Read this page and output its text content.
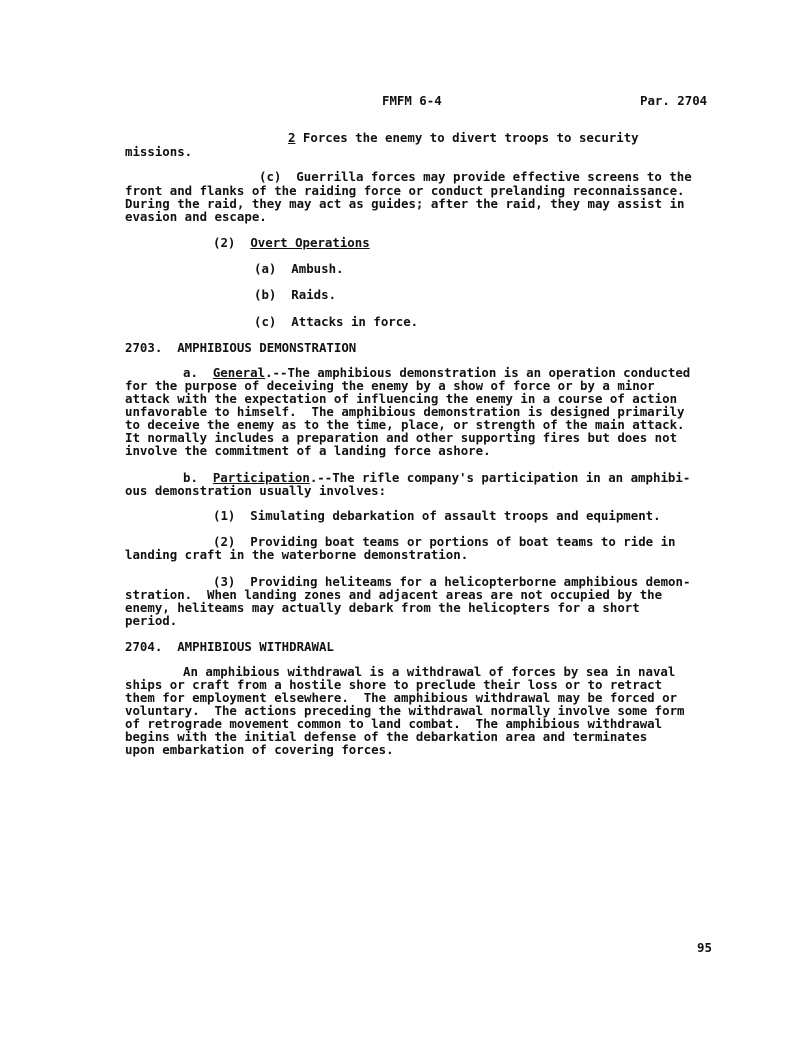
FMFM 6-4	Par. 2704
2 Forces the enemy to divert troops to security
missions.
(c)  Guerrilla forces may provide effective screens to the
front and flanks of the raiding force or conduct prelanding reconnaissance.
During the raid, they may act as guides; after the raid, they may assist in
evasion and escape.
(2)  Overt Operations
(a)  Ambush.
(b)  Raids.
(c)  Attacks in force.
2703.  AMPHIBIOUS DEMONSTRATION
a.  General.--The amphibious demonstration is an operation conducted
for the purpose of deceiving the enemy by a show of force or by a minor
attack with the expectation of influencing the enemy in a course of action
unfavorable to himself.  The amphibious demonstration is designed primarily
to deceive the enemy as to the time, place, or strength of the main attack.
It normally includes a preparation and other supporting fires but does not
involve the commitment of a landing force ashore.
b.  Participation.--The rifle company's participation in an amphibi-
ous demonstration usually involves:
(1)  Simulating debarkation of assault troops and equipment.
(2)  Providing boat teams or portions of boat teams to ride in
landing craft in the waterborne demonstration.
(3)  Providing heliteams for a helicopterborne amphibious demon-
stration.  When landing zones and adjacent areas are not occupied by the
enemy, heliteams may actually debark from the helicopters for a short
period.
2704.  AMPHIBIOUS WITHDRAWAL
An amphibious withdrawal is a withdrawal of forces by sea in naval
ships or craft from a hostile shore to preclude their loss or to retract
them for employment elsewhere.  The amphibious withdrawal may be forced or
voluntary.  The actions preceding the withdrawal normally involve some form
of retrograde movement common to land combat.  The amphibious withdrawal
begins with the initial defense of the debarkation area and terminates
upon embarkation of covering forces.
95
